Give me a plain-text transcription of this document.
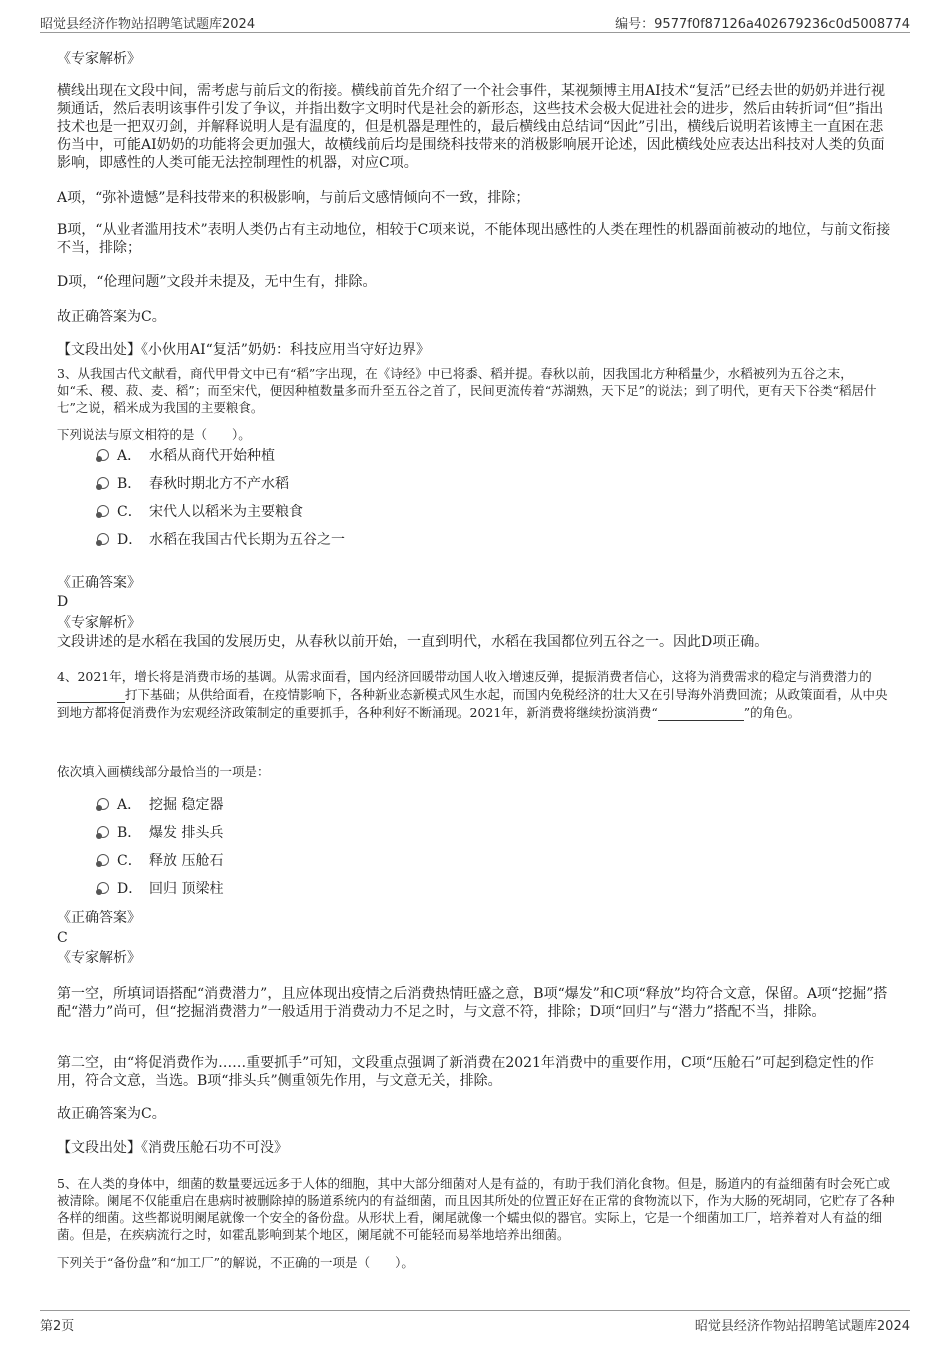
昭觉县经济作物站招聘笔试题库2024	编号：9577f0f87126a402679236c0d5008774
《专家解析》
横线出现在文段中间，需考虑与前后文的衔接。横线前首先介绍了一个社会事件，某视频博主用AI技术“复活”已经去世的奶奶并进行视频通话，然后表明该事件引发了争议，并指出数字文明时代是社会的新形态，这些技术会极大促进社会的进步，然后由转折词“但”指出技术也是一把双刃剑，并解释说明人是有温度的，但是机器是理性的，最后横线由总结词“因此”引出，横线后说明若该博主一直困在悲伤当中，可能AI奶奶的功能将会更加强大，故横线前后均是围绕科技带来的消极影响展开论述，因此横线处应表达出科技对人类的负面影响，即感性的人类可能无法控制理性的机器，对应C项。
A项，“弥补遗憾”是科技带来的积极影响，与前后文感情倾向不一致，排除；
B项，“从业者滥用技术”表明人类仍占有主动地位，相较于C项来说，不能体现出感性的人类在理性的机器面前被动的地位，与前文衔接不当，排除；
D项，“伦理问题”文段并未提及，无中生有，排除。
故正确答案为C。
【文段出处】《小伙用AI“复活”奶奶：科技应用当守好边界》
3、从我国古代文献看，商代甲骨文中已有“稻”字出现，在《诗经》中已将黍、稻并提。春秋以前，因我国北方种稻量少，水稻被列为五谷之末，如“禾、稷、菽、麦、稻”；而至宋代，便因种植数量多而升至五谷之首了，民间更流传着“苏湖熟，天下足”的说法；到了明代，更有天下谷类“稻居什七”之说，稻米成为我国的主要粮食。
下列说法与原文相符的是（　　）。
A． 水稻从商代开始种植
B． 春秋时期北方不产水稻
C． 宋代人以稻米为主要粮食
D． 水稻在我国古代长期为五谷之一
《正确答案》
D
《专家解析》
文段讲述的是水稻在我国的发展历史，从春秋以前开始，一直到明代，水稻在我国都位列五谷之一。因此D项正确。
4、2021年，增长将是消费市场的基调。从需求面看，国内经济回暖带动国人收入增速反弹，提振消费者信心，这将为消费需求的稳定与消费潜力的打下基础；从供给面看，在疫情影响下，各种新业态新模式风生水起，而国内免税经济的壮大又在引导海外消费回流；从政策面看，从中央到地方都将促消费作为宏观经济政策制定的重要抓手，各种利好不断涌现。2021年，新消费将继续扮演消费“	”的角色。
依次填入画横线部分最恰当的一项是：
A． 挖掘 稳定器
B． 爆发 排头兵
C． 释放 压舱石
D． 回归 顶梁柱
《正确答案》
C
《专家解析》
第一空，所填词语搭配“消费潜力”，且应体现出疫情之后消费热情旺盛之意，B项“爆发”和C项“释放”均符合文意，保留。A项“挖掘”搭配“潜力”尚可，但“挖掘消费潜力”一般适用于消费动力不足之时，与文意不符，排除；D项“回归”与“潜力”搭配不当，排除。
第二空，由“将促消费作为……重要抓手”可知，文段重点强调了新消费在2021年消费中的重要作用，C项“压舱石”可起到稳定性的作用，符合文意，当选。B项“排头兵”侧重领先作用，与文意无关，排除。
故正确答案为C。
【文段出处】《消费压舱石功不可没》
5、在人类的身体中，细菌的数量要远远多于人体的细胞，其中大部分细菌对人是有益的，有助于我们消化食物。但是，肠道内的有益细菌有时会死亡或被清除。阑尾不仅能重启在患病时被删除掉的肠道系统内的有益细菌，而且因其所处的位置正好在正常的食物流以下，作为大肠的死胡同，它贮存了各种各样的细菌。这些都说明阑尾就像一个安全的备份盘。从形状上看，阑尾就像一个蠕虫似的器官。实际上，它是一个细菌加工厂，培养着对人有益的细菌。但是，在疾病流行之时，如霍乱影响到某个地区，阑尾就不可能轻而易举地培养出细菌。
下列关于“备份盘”和“加工厂”的解说，不正确的一项是（　　）。
第2页	昭觉县经济作物站招聘笔试题库2024
